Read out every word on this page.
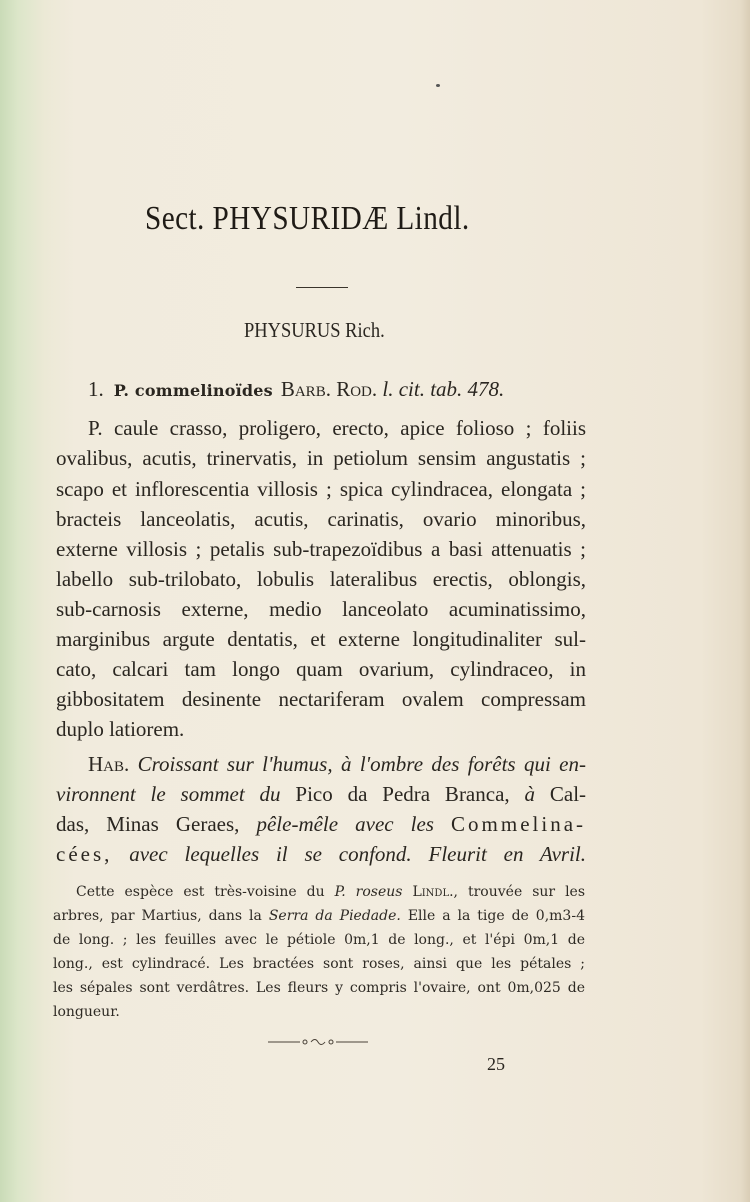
Sect. PHYSURIDÆ Lindl.
PHYSURUS Rich.
1. P. commelinoïdes Barb. Rod. l. cit. tab. 478.
P. caule crasso, proligero, erecto, apice folioso ; foliis
ovalibus, acutis, trinervatis, in petiolum sensim angustatis ;
scapo et inflorescentia villosis ; spica cylindracea, elongata ;
bracteis lanceolatis, acutis, carinatis, ovario minoribus,
externe villosis ; petalis sub-trapezoïdibus a basi attenuatis ;
labello sub-trilobato, lobulis lateralibus erectis, oblongis,
sub-carnosis externe, medio lanceolato acuminatissimo,
marginibus argute dentatis, et externe longitudinaliter sul-
cato, calcari tam longo quam ovarium, cylindraceo, in
gibbositatem desinente nectariferam ovalem compressam
duplo latiorem.
Hab. Croissant sur l'humus, à l'ombre des forêts qui en-
vironnent le sommet du Pico da Pedra Branca, à Cal-
das, Minas Geraes, pêle-mêle avec les Commelina-
cées, avec lequelles il se confond. Fleurit en Avril.
Cette espèce est très-voisine du P. roseus Lindl., trouvée sur les
arbres, par Martius, dans la Serra da Piedade. Elle a la tige de 0,m3-4
de long. ; les feuilles avec le pétiole 0m,1 de long., et l'épi 0m,1 de
long., est cylindracé. Les bractées sont roses, ainsi que les pétales ;
les sépales sont verdâtres. Les fleurs y compris l'ovaire, ont 0m,025 de
longueur.
25
